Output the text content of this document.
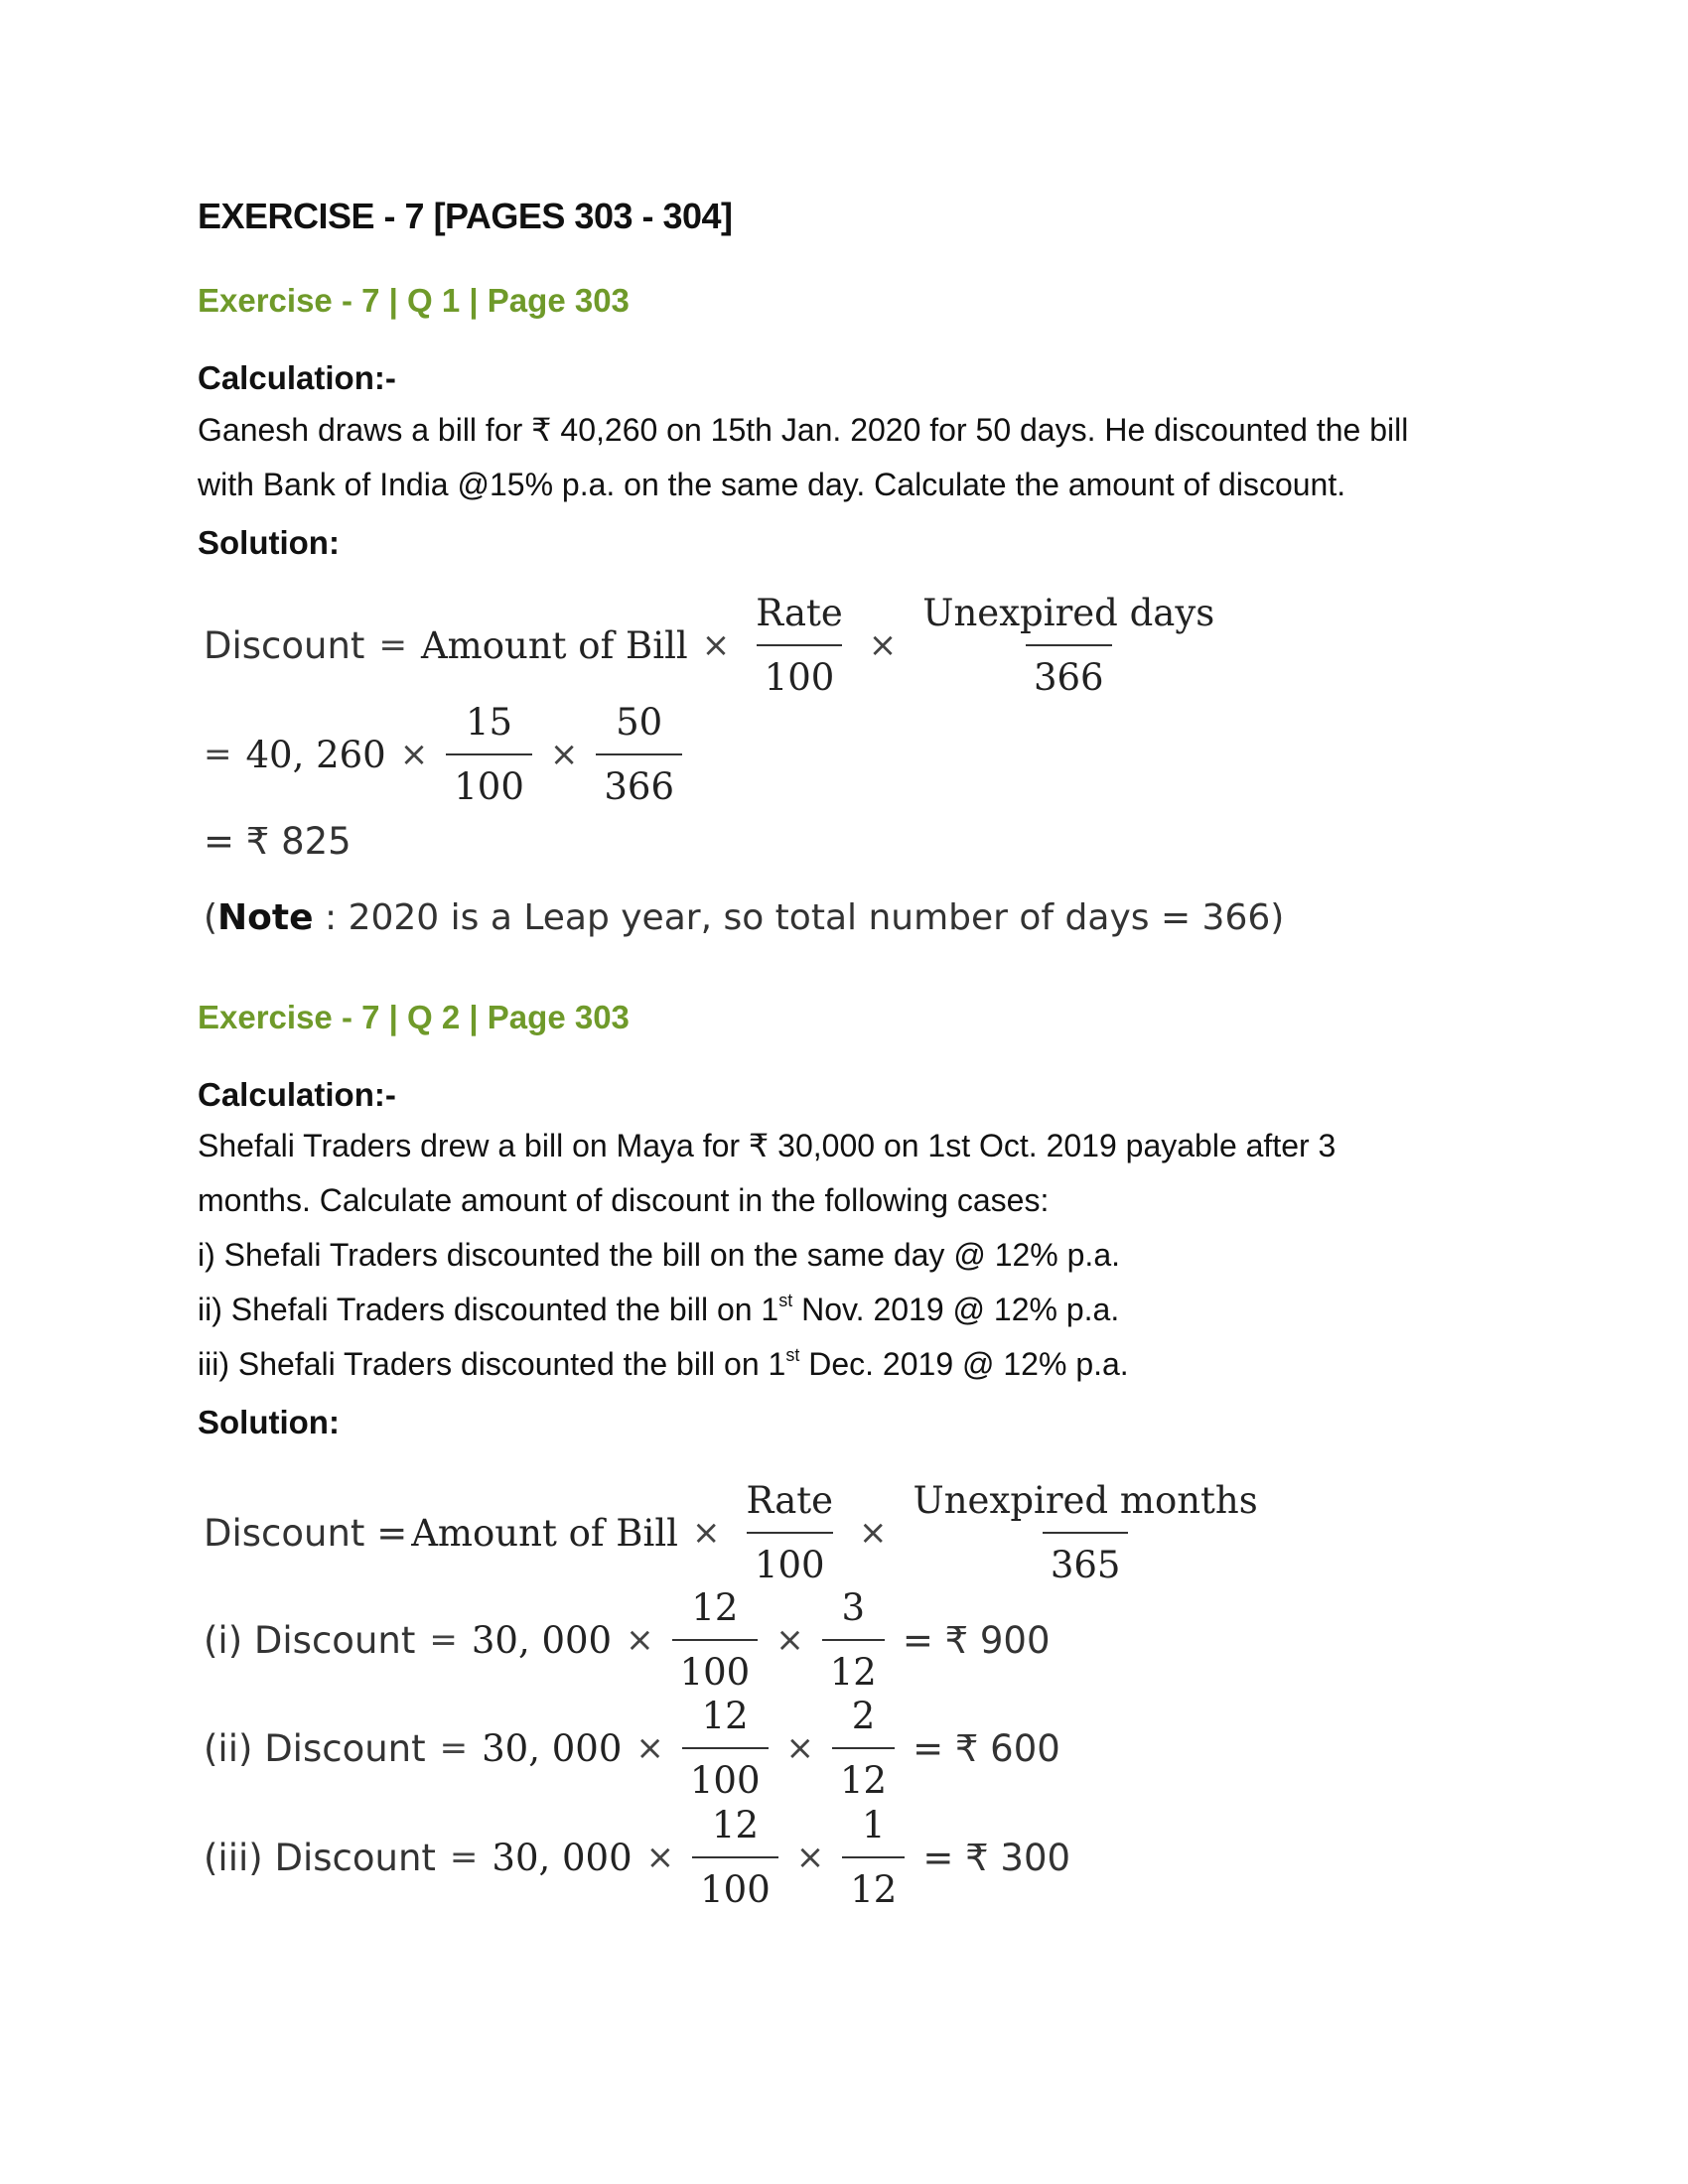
EXERCISE - 7 [PAGES 303 - 304]
Exercise - 7 | Q 1 | Page 303
Calculation:-
Ganesh draws a bill for ₹ 40,260 on 15th Jan. 2020 for 50 days. He discounted the bill
with Bank of India @15% p.a. on the same day. Calculate the amount of discount.
Solution:
Discount = Amount of Bill × $\frac{\text{Rate}}{100} \times \frac{\text{Unexpired days}}{366}$
= 40, $260 \times \frac{15}{100} \times \frac{50}{366}$
= ₹ 825
( Note : 2020 is a Leap year, so total number of days = 366)
Exercise - 7 | Q 2 | Page 303
Calculation:-
Shefali Traders drew a bill on Maya for ₹ 30,000 on 1st Oct. 2019 payable after 3
months. Calculate amount of discount in the following cases:
i) Shefali Traders discounted the bill on the same day @ 12% p.a.
ii) Shefali Traders discounted the bill on 1st Nov. 2019 @ 12% p.a.
iii) Shefali Traders discounted the bill on 1st Dec. 2019 @ 12% p.a.
Solution:
Discount = Amount of Bill × $\frac{\text{Rate}}{100} \times \frac{\text{Unexpired months}}{365}$
(i) Discount = 30, $000 \times \frac{12}{100} \times \frac{3}{12}$ = ₹ 900
(ii) Discount = 30, $000 \times \frac{12}{100} \times \frac{2}{12}$ = ₹ 600
(iii) Discount = 30, $000 \times \frac{12}{100} \times \frac{1}{12}$ = ₹ 300
